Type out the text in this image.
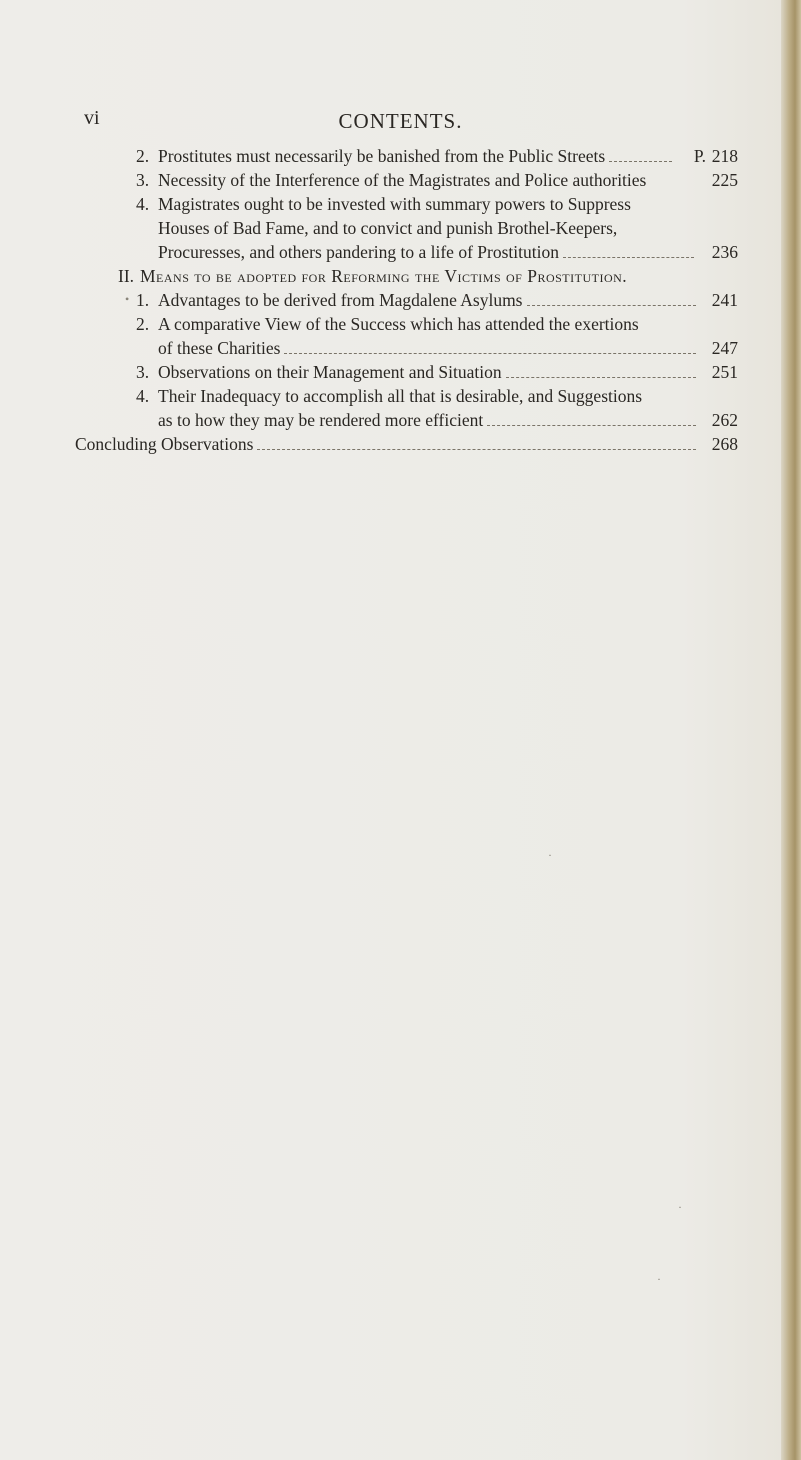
vi	CONTENTS.
2. Prostitutes must necessarily be banished from the Public Streets	P. 218
3. Necessity of the Interference of the Magistrates and Police authorities	225
4. Magistrates ought to be invested with summary powers to Suppress
Houses of Bad Fame, and to convict and punish Brothel-Keepers,
Procuresses, and others pandering to a life of Prostitution	236
II. Means to be adopted for Reforming the Victims of Prostitution.
1. Advantages to be derived from Magdalene Asylums	241
2. A comparative View of the Success which has attended the exertions
of these Charities	247
3. Observations on their Management and Situation	251
4. Their Inadequacy to accomplish all that is desirable, and Suggestions
as to how they may be rendered more efficient	262
Concluding Observations	268
•
·
·
·
